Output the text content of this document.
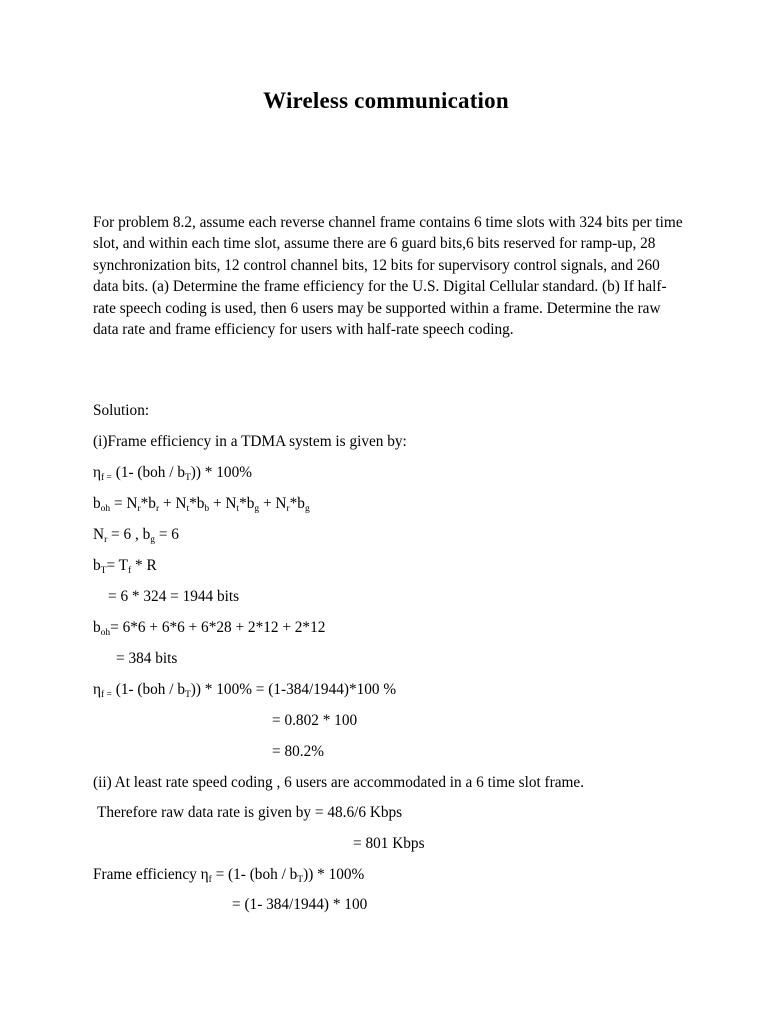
Wireless communication
For problem 8.2, assume each reverse channel frame contains 6 time slots with 324 bits per time slot, and within each time slot, assume there are 6 guard bits,6 bits reserved for ramp-up, 28 synchronization bits, 12 control channel bits, 12 bits for supervisory control signals, and 260 data bits. (a) Determine the frame efficiency for the U.S. Digital Cellular standard. (b) If half-rate speech coding is used, then 6 users may be supported within a frame. Determine the raw data rate and frame efficiency for users with half-rate speech coding.
Solution:
(i)Frame efficiency in a TDMA system is given by:
$\eta_{f =}$ (1- $(boh / b_T)) * 100\%$
$b_{oh} = N_r*b_r + N_t*b_b + N_t*b_g + N_r*b_g$
$N_r = 6$ , $b_g = 6$
$b_T= T_f * R$
= 6 * 324 = 1944 bits
$b_{oh}= 6*6 + 6*6 + 6*28 + 2*12 + 2*12$
= 384 bits
$\eta_{f =}$ (1- $(boh / b_T)) * 100\% = (1-384/1944)*100$ %
= 0.802 * 100
= 80.2%
(ii) At least rate speed coding , 6 users are accommodated in a 6 time slot frame.
Therefore raw data rate is given by = 48.6/6 Kbps
= 801 Kbps
Frame efficiency $\eta_f = (1-$ $(boh / b_T)) * 100\%$
= (1- 384/1944) * 100
